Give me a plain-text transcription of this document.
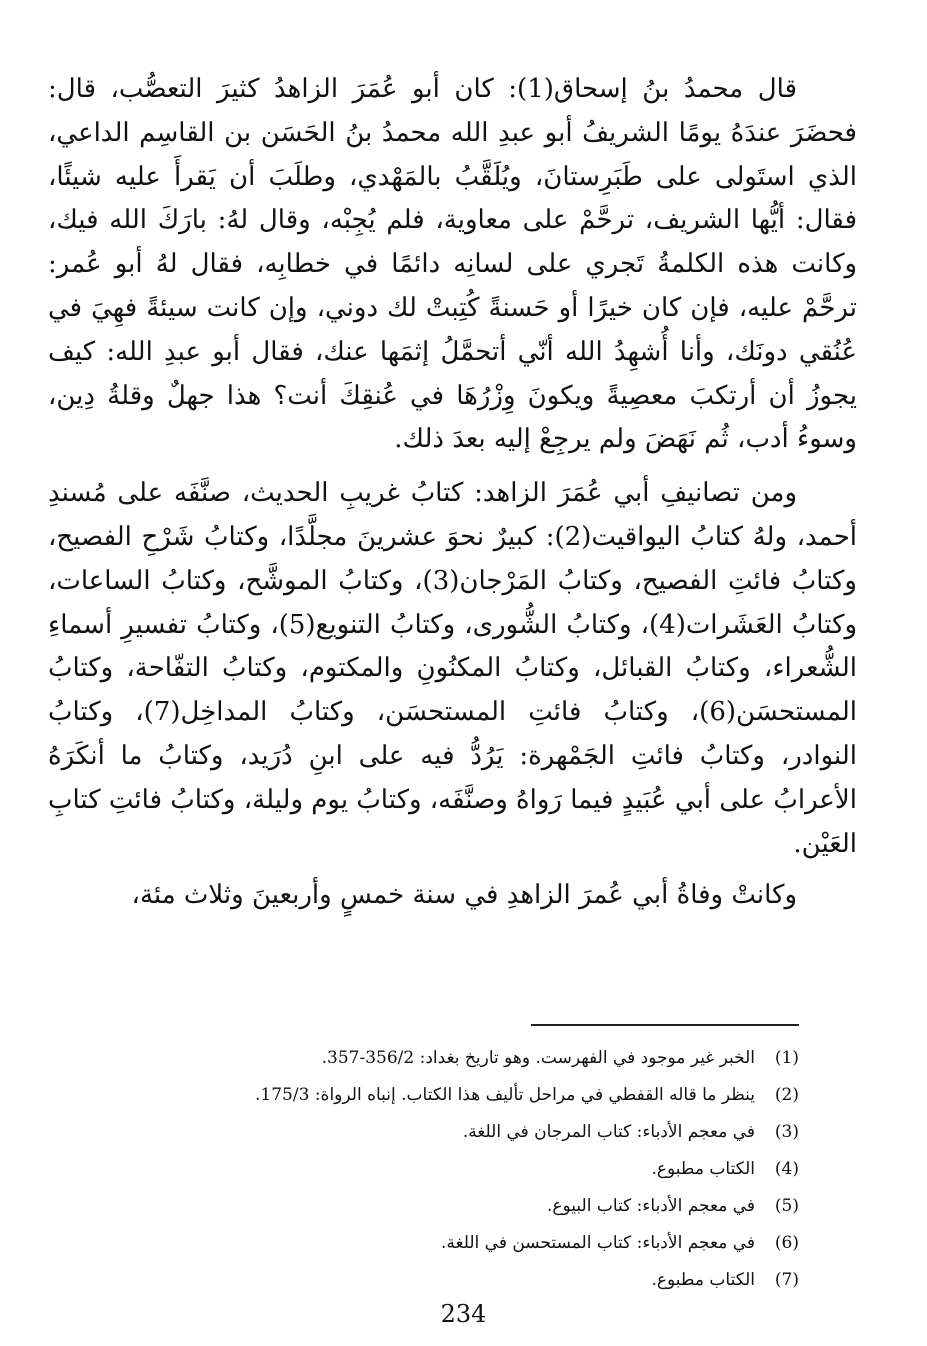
قال محمدُ بنُ إسحاق(1): كان أبو عُمَرَ الزاهدُ كثيرَ التعصُّب، قال: فحضَرَ عندَهُ يومًا الشريفُ أبو عبدِ الله محمدُ بنُ الحَسَن بن القاسِم الداعي، الذي استَولى على طَبَرِستانَ، ويُلَقَّبُ بالمَهْدي، وطلَبَ أن يَقرأَ عليه شيئًا، فقال: أيُّها الشريف، ترحَّمْ على معاوية، فلم يُجِبْه، وقال لهُ: بارَكَ الله فيك، وكانت هذه الكلمةُ تَجري على لسانِه دائمًا في خطابِه، فقال لهُ أبو عُمر: ترحَّمْ عليه، فإن كان خيرًا أو حَسنةً كُتِبتْ لك دوني، وإن كانت سيئةً فهِيَ في عُنُقي دونَك، وأنا أُشهِدُ الله أنّي أتحمَّلُ إثمَها عنك، فقال أبو عبدِ الله: كيف يجوزُ أن أرتكبَ معصِيةً ويكونَ وِزْرُهَا في عُنقِكَ أنت؟ هذا جهلٌ وقلةُ دِين، وسوءُ أدب، ثُم نَهَضَ ولم يرجِعْ إليه بعدَ ذلك.

ومن تصانيفِ أبي عُمَرَ الزاهد: كتابُ غريبِ الحديث، صنَّفَه على مُسندِ أحمد، ولهُ كتابُ اليواقيت(2): كبيرٌ نحوَ عشرينَ مجلَّدًا، وكتابُ شَرْحِ الفصيح، وكتابُ فائتِ الفصيح، وكتابُ المَرْجان(3)، وكتابُ الموشَّح، وكتابُ الساعات، وكتابُ العَشَرات(4)، وكتابُ الشُّورى، وكتابُ التنويع(5)، وكتابُ تفسيرِ أسماءِ الشُّعراء، وكتابُ القبائل، وكتابُ المكنُونِ والمكتوم، وكتابُ التفّاحة، وكتابُ المستحسَن(6)، وكتابُ فائتِ المستحسَن، وكتابُ المداخِل(7)، وكتابُ النوادر، وكتابُ فائتِ الجَمْهرة: يَرُدُّ فيه على ابنِ دُرَيد، وكتابُ ما أنكَرَهُ الأعرابُ على أبي عُبَيدٍ فيما رَواهُ وصنَّفَه، وكتابُ يوم وليلة، وكتابُ فائتِ كتابِ العَيْن.

وكانتْ وفاةُ أبي عُمرَ الزاهدِ في سنة خمسٍ وأربعينَ وثلاث مئة،

(1)الخبر غير موجود في الفهرست. وهو تاريخ بغداد: 356/2-357.
(2)ينظر ما قاله القفطي في مراحل تأليف هذا الكتاب. إنباه الرواة: 175/3.
(3)في معجم الأدباء: كتاب المرجان في اللغة.
(4)الكتاب مطبوع.
(5)في معجم الأدباء: كتاب البيوع.
(6)في معجم الأدباء: كتاب المستحسن في اللغة.
(7)الكتاب مطبوع.
234
